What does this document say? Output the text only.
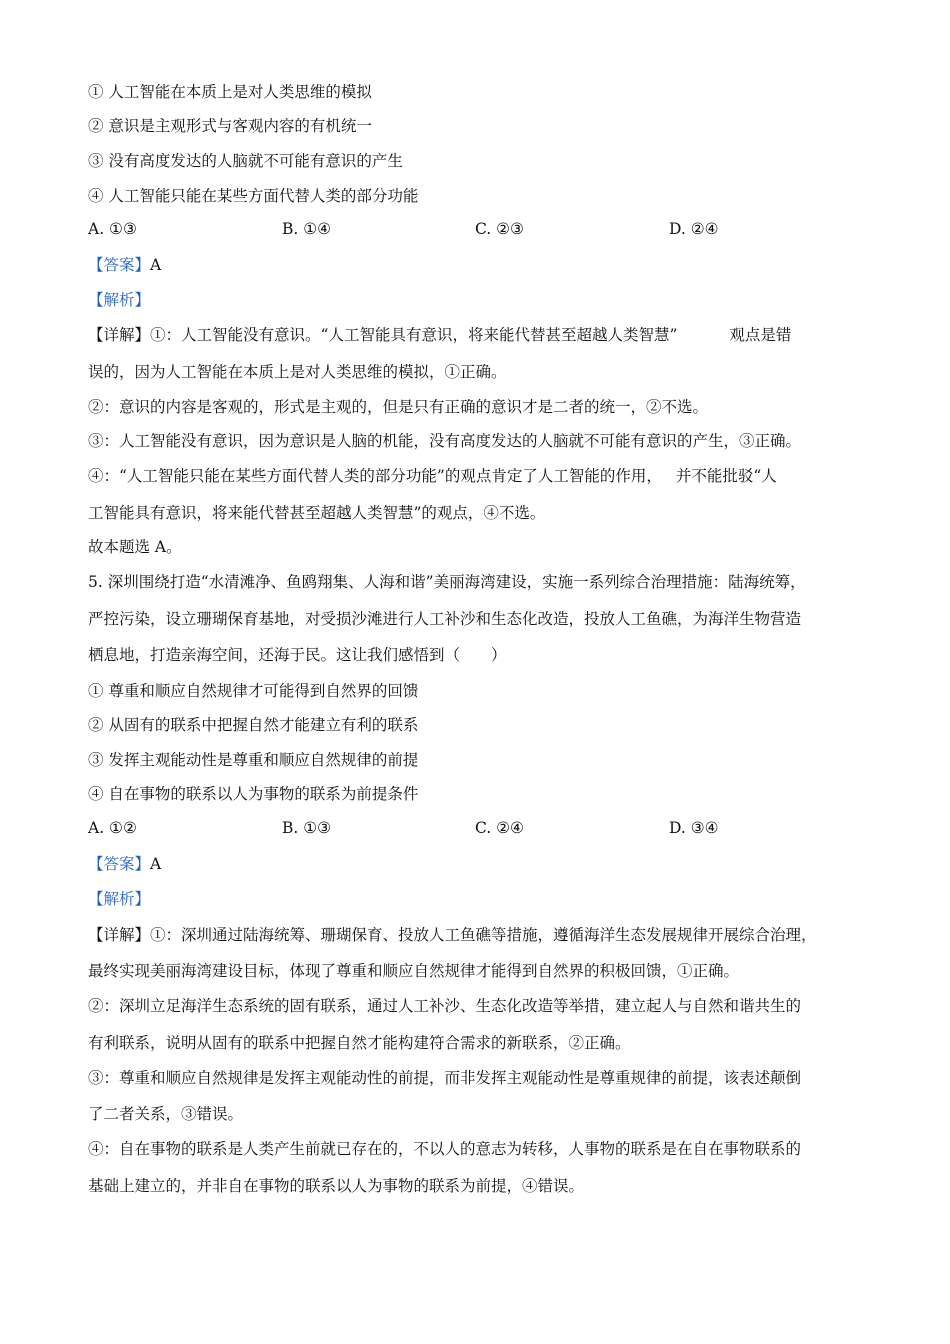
① 人工智能在本质上是对人类思维的模拟
② 意识是主观形式与客观内容的有机统一
③ 没有高度发达的人脑就不可能有意识的产生
④ 人工智能只能在某些方面代替人类的部分功能
A. ①③	B. ①④	C. ②③	D. ②④
【答案】A
【解析】
【详解】①：人工智能没有意识。“人工智能具有意识，将来能代替甚至超越人类智慧”	观点是错
误的，因为人工智能在本质上是对人类思维的模拟，①正确。
②：意识的内容是客观的，形式是主观的，但是只有正确的意识才是二者的统一，②不选。
③：人工智能没有意识，因为意识是人脑的机能，没有高度发达的人脑就不可能有意识的产生，③正确。
④：“人工智能只能在某些方面代替人类的部分功能”的观点肯定了人工智能的作用， 并不能批驳“人
工智能具有意识，将来能代替甚至超越人类智慧”的观点，④不选。
故本题选 A。
5. 深圳围绕打造“水清滩净、鱼鸥翔集、人海和谐”美丽海湾建设，实施一系列综合治理措施：陆海统筹，
严控污染，设立珊瑚保育基地，对受损沙滩进行人工补沙和生态化改造，投放人工鱼礁，为海洋生物营造
栖息地，打造亲海空间，还海于民。这让我们感悟到（　　）
① 尊重和顺应自然规律才可能得到自然界的回馈
② 从固有的联系中把握自然才能建立有利的联系
③ 发挥主观能动性是尊重和顺应自然规律的前提
④ 自在事物的联系以人为事物的联系为前提条件
A. ①②	B. ①③	C. ②④	D. ③④
【答案】A
【解析】
【详解】①：深圳通过陆海统筹、珊瑚保育、投放人工鱼礁等措施，遵循海洋生态发展规律开展综合治理，
最终实现美丽海湾建设目标，体现了尊重和顺应自然规律才能得到自然界的积极回馈，①正确。
②：深圳立足海洋生态系统的固有联系，通过人工补沙、生态化改造等举措，建立起人与自然和谐共生的
有利联系，说明从固有的联系中把握自然才能构建符合需求的新联系，②正确。
③：尊重和顺应自然规律是发挥主观能动性的前提，而非发挥主观能动性是尊重规律的前提，该表述颠倒
了二者关系，③错误。
④：自在事物的联系是人类产生前就已存在的，不以人的意志为转移，人事物的联系是在自在事物联系的
基础上建立的，并非自在事物的联系以人为事物的联系为前提，④错误。
